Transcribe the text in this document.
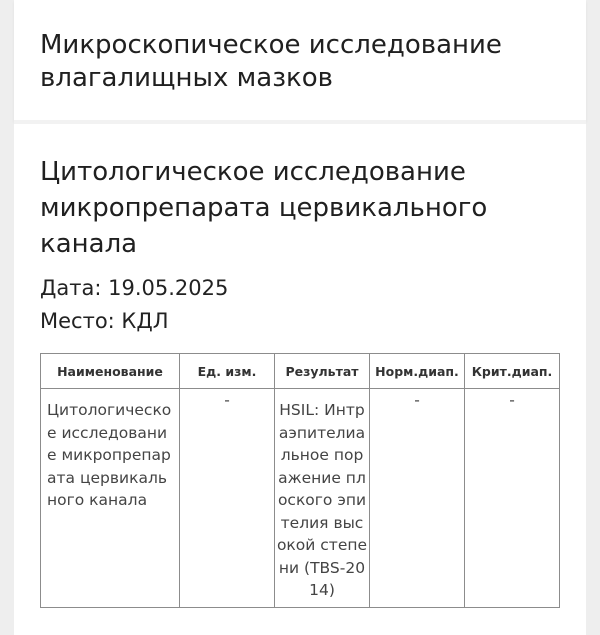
Микроскопическое исследование влагалищных мазков
Цитологическое исследование микропрепарата цервикального канала
Дата: 19.05.2025
Место: КДЛ
Наименование	Ед. изм.	Результат	Норм.диап.	Крит.диап.

Цитологическое исследование микропрепарата цервикального канала	-	HSIL: Интраэпителиальное поражение плоского эпителия высокой степени (TBS-2014)	-	-
